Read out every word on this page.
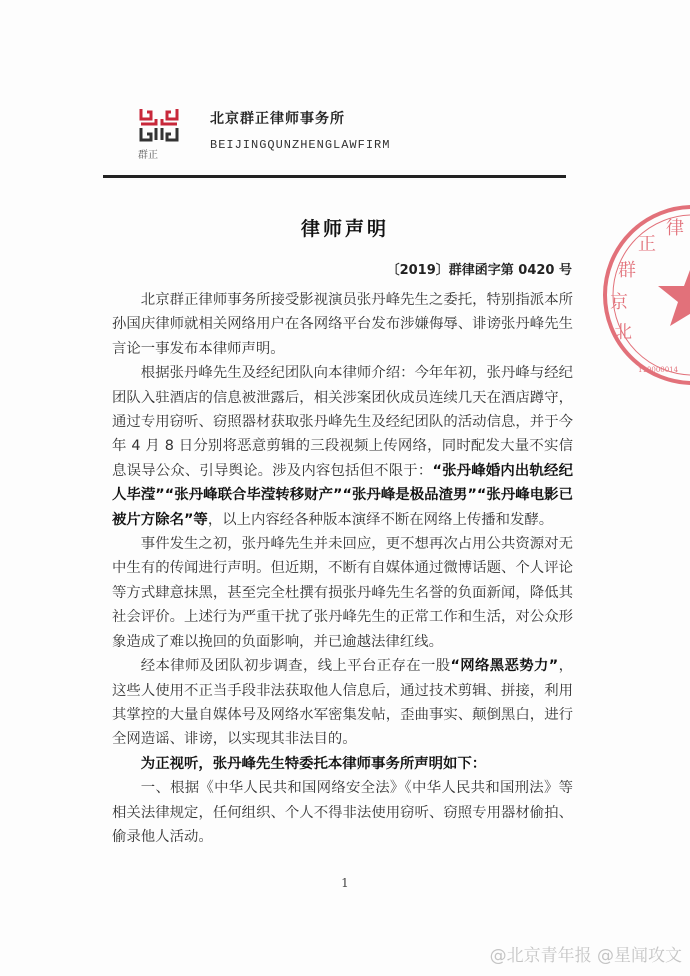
群正
北京群正律师事务所
BEIJINGQUNZHENGLAWFIRM
律师声明
〔2019〕群律函字第 0420 号

北京群正律师事务所接受影视演员张丹峰先生之委托，特别指派本所孙国庆律师就相关网络用户在各网络平台发布涉嫌侮辱、诽谤张丹峰先生言论一事发布本律师声明。

根据张丹峰先生及经纪团队向本律师介绍：今年年初，张丹峰与经纪团队入驻酒店的信息被泄露后，相关涉案团伙成员连续几天在酒店蹲守，通过专用窃听、窃照器材获取张丹峰先生及经纪团队的活动信息，并于今年 4 月 8 日分别将恶意剪辑的三段视频上传网络，同时配发大量不实信息误导公众、引导舆论。涉及内容包括但不限于：“张丹峰婚内出轨经纪人毕滢”“张丹峰联合毕滢转移财产”“张丹峰是极品渣男”“张丹峰电影已被片方除名”等，以上内容经各种版本演绎不断在网络上传播和发酵。

事件发生之初，张丹峰先生并未回应，更不想再次占用公共资源对无中生有的传闻进行声明。但近期，不断有自媒体通过微博话题、个人评论等方式肆意抹黑，甚至完全杜撰有损张丹峰先生名誉的负面新闻，降低其社会评价。上述行为严重干扰了张丹峰先生的正常工作和生活，对公众形象造成了难以挽回的负面影响，并已逾越法律红线。

经本律师及团队初步调查，线上平台正存在一股“网络黑恶势力”，这些人使用不正当手段非法获取他人信息后，通过技术剪辑、拼接，利用其掌控的大量自媒体号及网络水军密集发帖，歪曲事实、颠倒黑白，进行全网造谣、诽谤，以实现其非法目的。

为正视听，张丹峰先生特委托本律师事务所声明如下：

一、根据《中华人民共和国网络安全法》《中华人民共和国刑法》等相关法律规定，任何组织、个人不得非法使用窃听、窃照专用器材偷拍、偷录他人活动。

1
北
京
群
正
律
110000014
@北京青年报 @星闻攻文
